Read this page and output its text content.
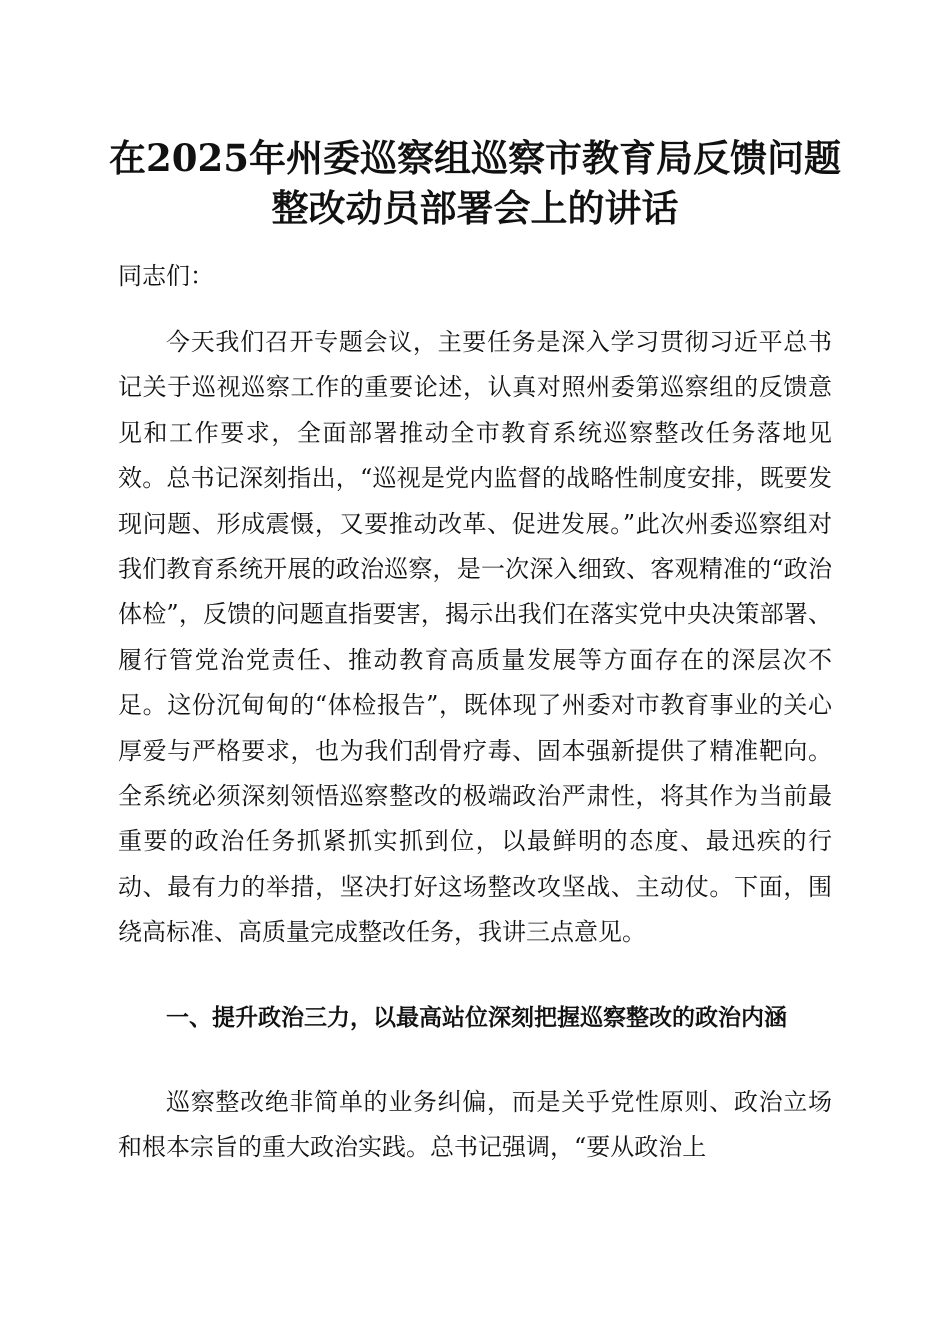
在2025年州委巡察组巡察市教育局反馈问题
整改动员部署会上的讲话

同志们：

今天我们召开专题会议，主要任务是深入学习贯彻习近平总书记关于巡视巡察工作的重要论述，认真对照州委第巡察组的反馈意见和工作要求，全面部署推动全市教育系统巡察整改任务落地见效。总书记深刻指出，“巡视是党内监督的战略性制度安排，既要发现问题、形成震慑，又要推动改革、促进发展。”此次州委巡察组对我们教育系统开展的政治巡察，是一次深入细致、客观精准的“政治体检”，反馈的问题直指要害，揭示出我们在落实党中央决策部署、履行管党治党责任、推动教育高质量发展等方面存在的深层次不足。这份沉甸甸的“体检报告”，既体现了州委对市教育事业的关心厚爱与严格要求，也为我们刮骨疗毒、固本强新提供了精准靶向。全系统必须深刻领悟巡察整改的极端政治严肃性，将其作为当前最重要的政治任务抓紧抓实抓到位，以最鲜明的态度、最迅疾的行动、最有力的举措，坚决打好这场整改攻坚战、主动仗。下面，围绕高标准、高质量完成整改任务，我讲三点意见。

一、提升政治三力，以最高站位深刻把握巡察整改的政治内涵

巡察整改绝非简单的业务纠偏，而是关乎党性原则、政治立场和根本宗旨的重大政治实践。总书记强调，“要从政治上
